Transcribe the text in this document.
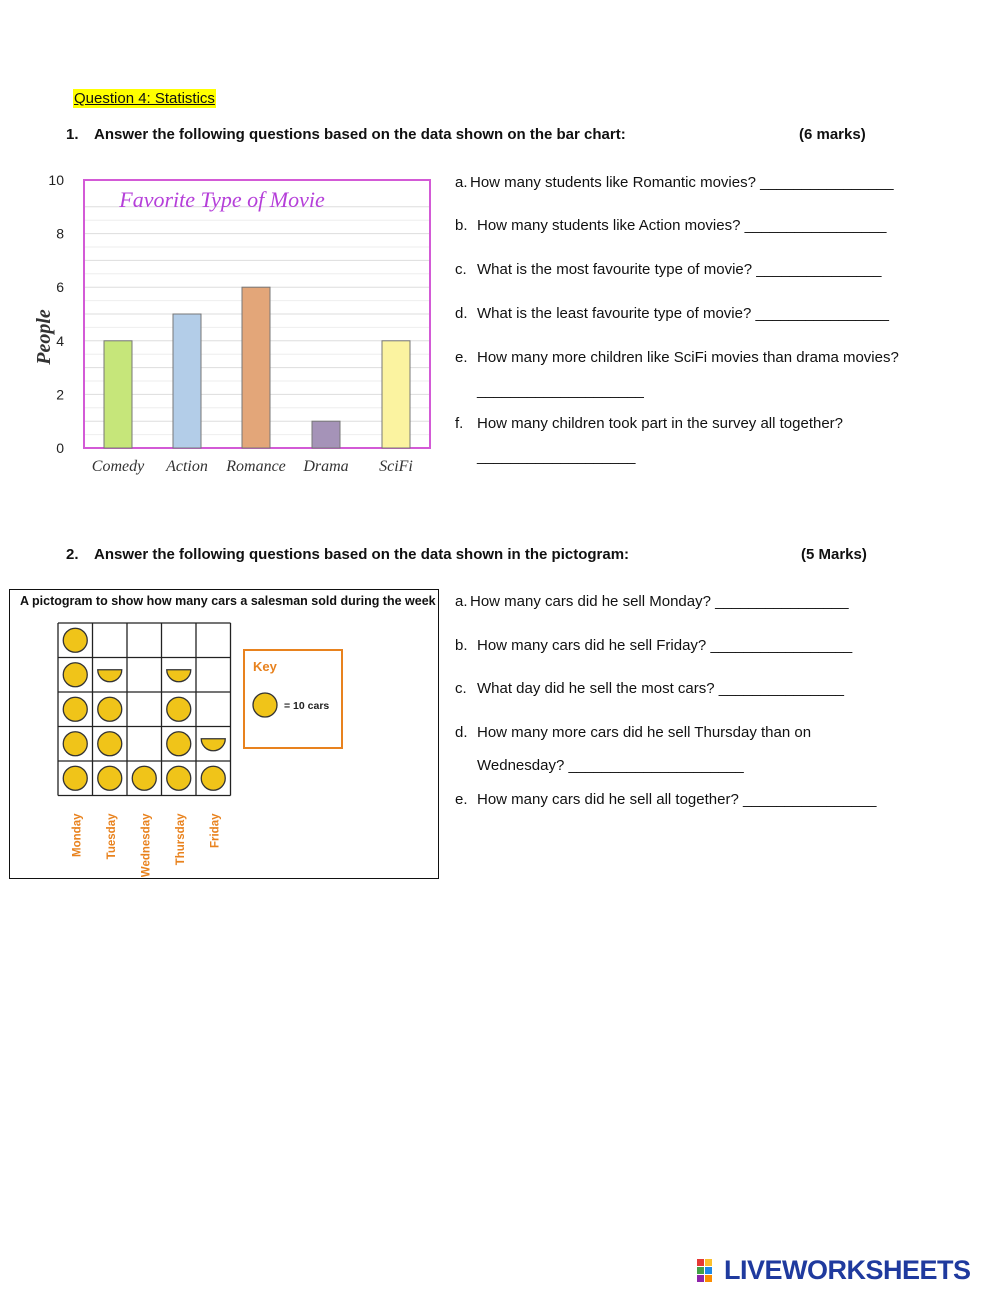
Question 4: Statistics
1. Answer the following questions based on the data shown on the bar chart:	(6 marks)
0
2
4
6
8
10
People
Favorite Type of Movie
Comedy Action Romance Drama SciFi
a. How many students like Romantic movies? ________________
b. How many students like Action movies? _________________
c. What is the most favourite type of movie? _______________
d. What is the least favourite type of movie? ________________
e. How many more children like SciFi movies than drama movies?
____________________
f. How many children took part in the survey all together?
___________________
2. Answer the following questions based on the data shown in the pictogram:	(5 Marks)
A pictogram to show how many cars a salesman sold during the week
Monday Tuesday Wednesday Thursday Friday
Key
= 10 cars
a. How many cars did he sell Monday? ________________
b. How many cars did he sell Friday? _________________
c. What day did he sell the most cars? _______________
d. How many more cars did he sell Thursday than on
Wednesday? _____________________
e. How many cars did he sell all together? ________________
LIVEWORKSHEETS
